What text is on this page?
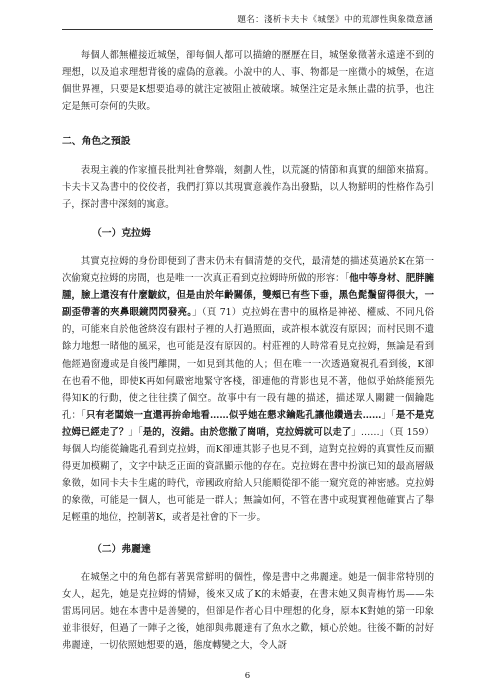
題名：淺析卡夫卡《城堡》中的荒謬性與象徵意涵

每個人都無權接近城堡，卻每個人都可以描繪的歷歷在目，城堡象徵著永遠達不到的理想，以及追求理想背後的虛偽的意義。小說中的人、事、物都是一座微小的城堡，在這個世界裡，只要是K想要追尋的就注定被阻止被破壞。城堡注定是永無止盡的抗爭，也注定是無可奈何的失敗。

二、角色之預設

表現主義的作家擅長批判社會弊端，刻劃人性，以荒誕的情節和真實的細節來描寫。卡夫卡又為書中的佼佼者，我們打算以其現實意義作為出發點，以人物鮮明的性格作為引子，探討書中深刻的寓意。

（一）克拉姆

其實克拉姆的身份即便到了書末仍未有個清楚的交代，最清楚的描述莫過於K在第一次偷窺克拉姆的房間，也是唯一一次真正看到克拉姆時所做的形容：「他中等身材、肥胖臃腫，臉上還沒有什麼皺紋，但是由於年齡關係，雙頰已有些下垂，黑色髭鬚留得很大，一副歪帶著的夾鼻眼鏡閃閃發亮。」（頁 71）克拉姆在書中的風格是神祕、權威、不同凡俗的，可能來自於他爸終沒有跟村子裡的人打過照面，或許根本就沒有原因；而村民則不遺餘力地想一睹他的風采，也可能是沒有原因的。村莊裡的人時常看見克拉姆，無論是看到他經過窗邊或是自後門離開，一如見到其他的人；但在唯一一次透過窺視孔看到後，K卻在也看不他，即使K再如何嚴密地緊守客棧，卻連他的背影也見不著，他似乎始終能預先得知K的行動，使之往往撲了個空。故事中有一段有趣的描述，描述眾人關鍵一個鑰匙孔：「只有老闆娘一直還再拚命地看……似乎她在懇求鑰匙孔讓他鑽過去……」「是不是克拉姆已經走了？」「是的，沒錯。由於您撤了崗哨，克拉姆就可以走了」……」（頁 159）每個人均能從鑰匙孔看到克拉姆，而K卻連其影子也見不到，這對克拉姆的真實性反而顯得更加模糊了，文字中缺乏正面的資訊顯示他的存在。克拉姆在書中扮演已知的最高層級象徵，如同卡夫卡生處的時代，帝國政府給人只能順從卻不能一窺究竟的神密感。克拉姆的象徵，可能是一個人，也可能是一群人；無論如何，不管在書中或現實裡他確實占了舉足輕重的地位，控制著K，或者是社會的下一步。

（二）弗麗達

在城堡之中的角色都有著異常鮮明的個性，像是書中之弗麗達。她是一個非常特別的女人，起先，她是克拉姆的情婦，後來又成了K的未婚妻，在書末她又與青梅竹馬——朱雷馬同居。她在本書中是善變的，但卻是作者心目中理想的化身，原本K對她的第一印象並非很好，但過了一陣子之後，她卻與弗麗達有了魚水之歡，傾心於她。往後不斷的討好弗麗達，一切依照她想要的過，態度轉變之大，令人訝

6
